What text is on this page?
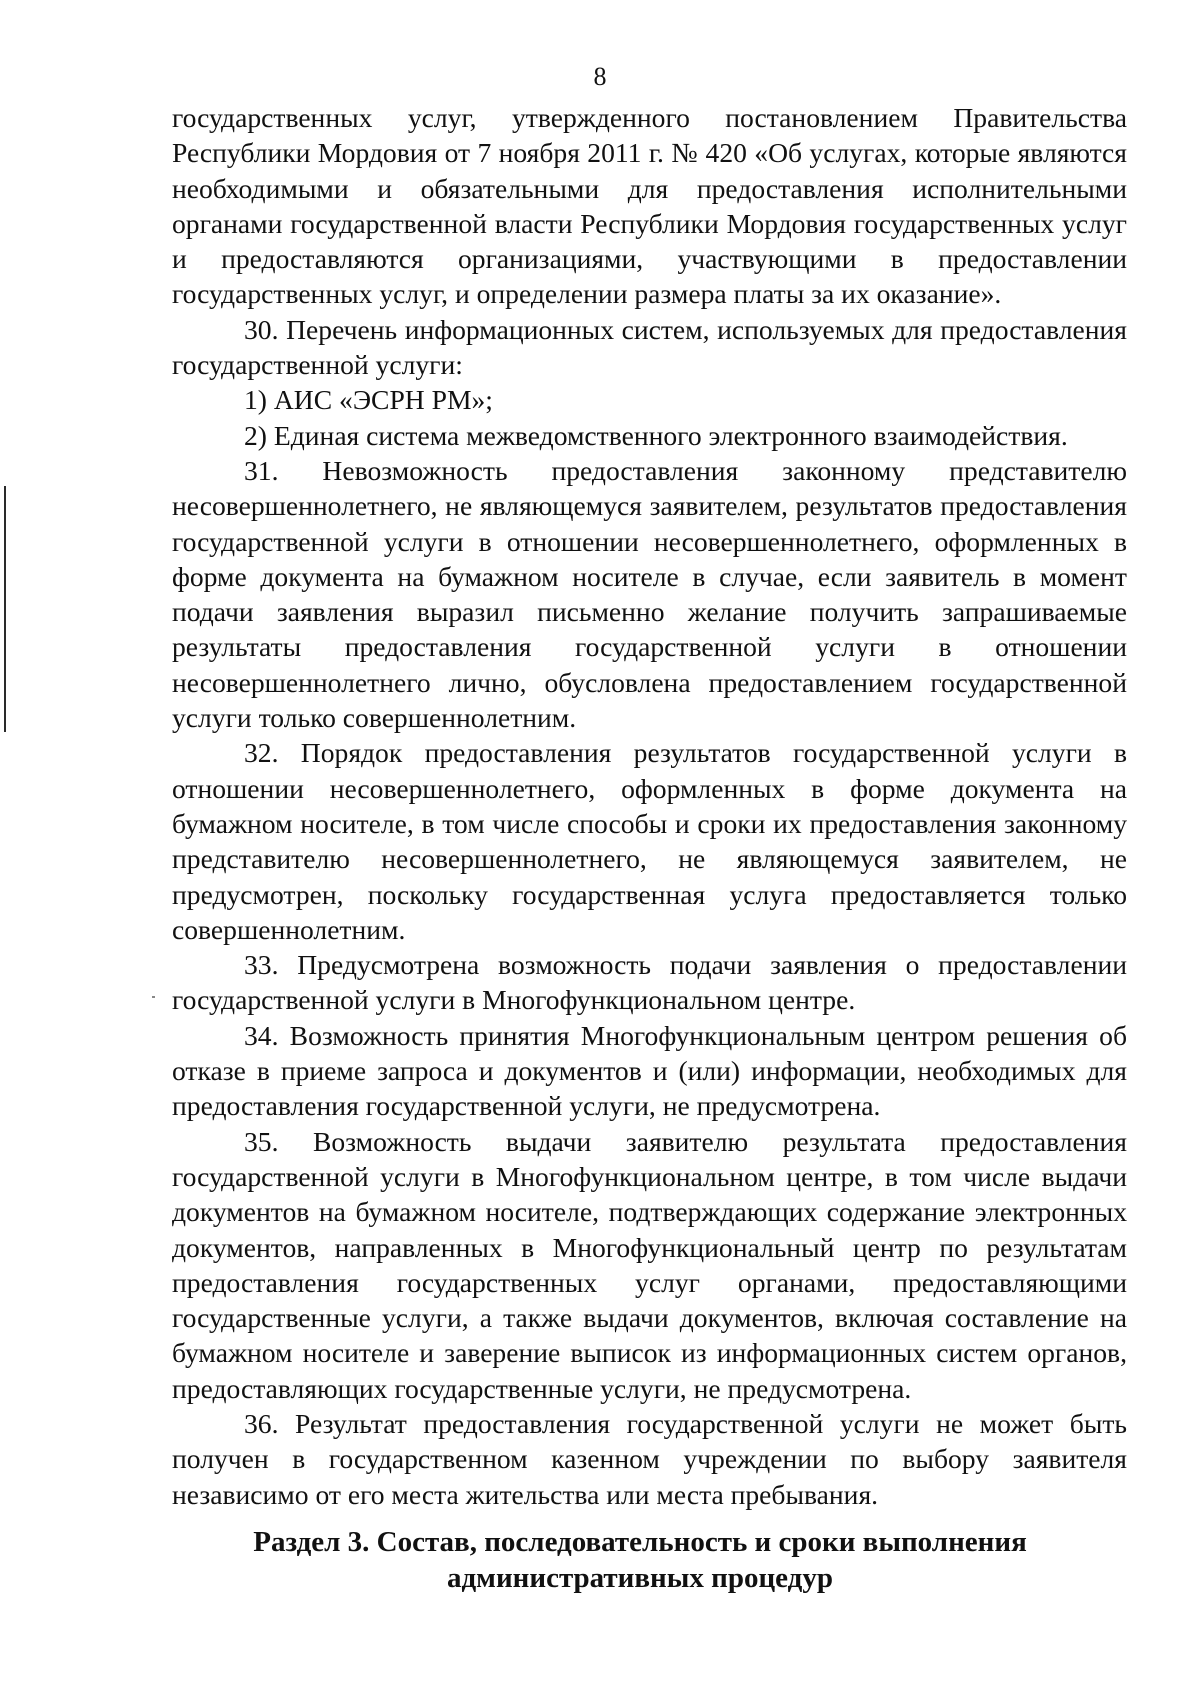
8

государственных услуг, утвержденного постановлением Правительства Республики Мордовия от 7 ноября 2011 г. № 420 «Об услугах, которые являются необходимыми и обязательными для предоставления исполнительными органами государственной власти Республики Мордовия государственных услуг и предоставляются организациями, участвующими в предоставлении государственных услуг, и определении размера платы за их оказание».

30. Перечень информационных систем, используемых для предоставления государственной услуги:

1) АИС «ЭСРН РМ»;

2) Единая система межведомственного электронного взаимодействия.

31. Невозможность предоставления законному представителю несовершеннолетнего, не являющемуся заявителем, результатов предоставления государственной услуги в отношении несовершеннолетнего, оформленных в форме документа на бумажном носителе в случае, если заявитель в момент подачи заявления выразил письменно желание получить запрашиваемые результаты предоставления государственной услуги в отношении несовершеннолетнего лично, обусловлена предоставлением государственной услуги только совершеннолетним.

32. Порядок предоставления результатов государственной услуги в отношении несовершеннолетнего, оформленных в форме документа на бумажном носителе, в том числе способы и сроки их предоставления законному представителю несовершеннолетнего, не являющемуся заявителем, не предусмотрен, поскольку государственная услуга предоставляется только совершеннолетним.

33. Предусмотрена возможность подачи заявления о предоставлении государственной услуги в Многофункциональном центре.

34. Возможность принятия Многофункциональным центром решения об отказе в приеме запроса и документов и (или) информации, необходимых для предоставления государственной услуги, не предусмотрена.

35. Возможность выдачи заявителю результата предоставления государственной услуги в Многофункциональном центре, в том числе выдачи документов на бумажном носителе, подтверждающих содержание электронных документов, направленных в Многофункциональный центр по результатам предоставления государственных услуг органами, предоставляющими государственные услуги, а также выдачи документов, включая составление на бумажном носителе и заверение выписок из информационных систем органов, предоставляющих государственные услуги, не предусмотрена.

36. Результат предоставления государственной услуги не может быть получен в государственном казенном учреждении по выбору заявителя независимо от его места жительства или места пребывания.

Раздел 3. Состав, последовательность и сроки выполнения
административных процедур
